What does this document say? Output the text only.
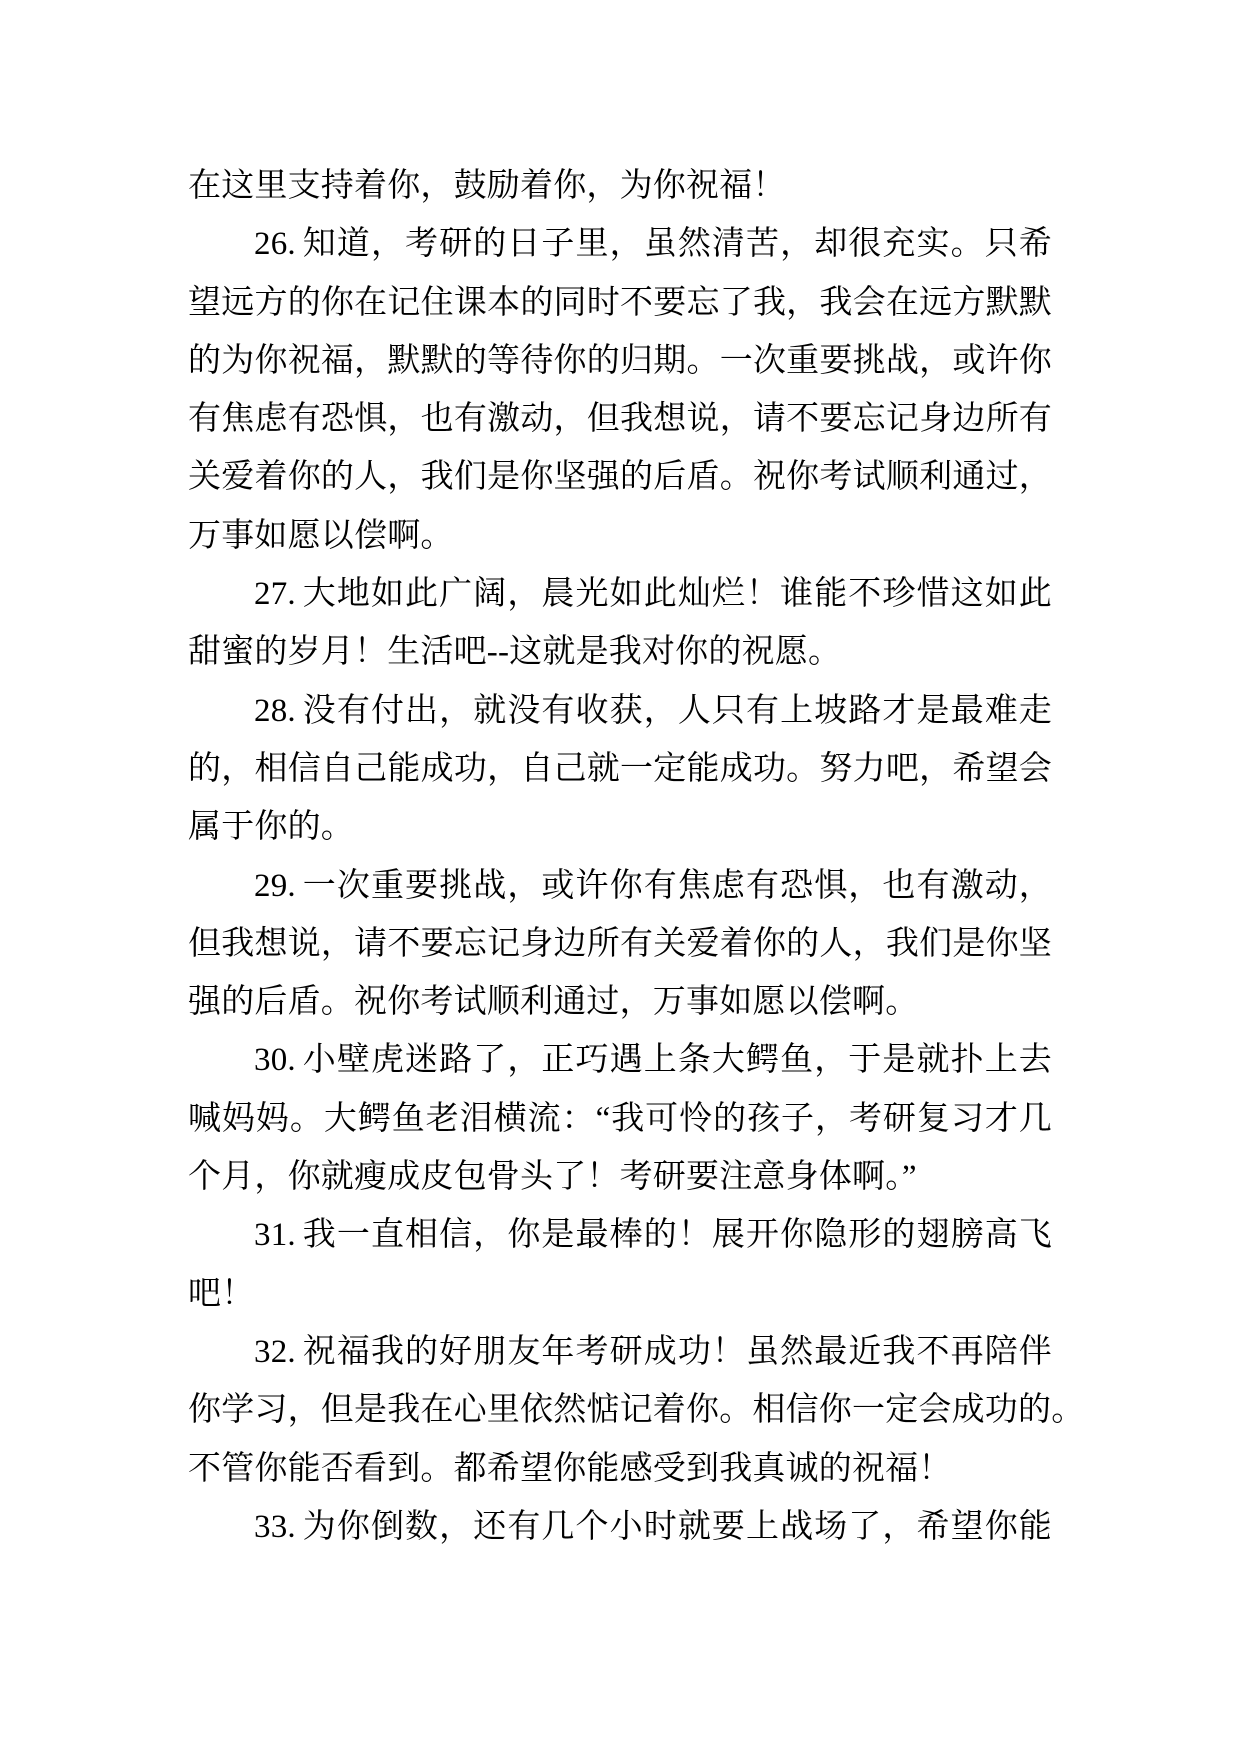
在这里支持着你，鼓励着你，为你祝福！
26. 知道，考研的日子里，虽然清苦，却很充实。只希
望远方的你在记住课本的同时不要忘了我，我会在远方默默
的为你祝福，默默的等待你的归期。一次重要挑战，或许你
有焦虑有恐惧，也有激动，但我想说，请不要忘记身边所有
关爱着你的人，我们是你坚强的后盾。祝你考试顺利通过，
万事如愿以偿啊。
27. 大地如此广阔，晨光如此灿烂！谁能不珍惜这如此
甜蜜的岁月！生活吧--这就是我对你的祝愿。
28. 没有付出，就没有收获，人只有上坡路才是最难走
的，相信自己能成功，自己就一定能成功。努力吧，希望会
属于你的。
29. 一次重要挑战，或许你有焦虑有恐惧，也有激动，
但我想说，请不要忘记身边所有关爱着你的人，我们是你坚
强的后盾。祝你考试顺利通过，万事如愿以偿啊。
30. 小壁虎迷路了，正巧遇上条大鳄鱼，于是就扑上去
喊妈妈。大鳄鱼老泪横流：“我可怜的孩子，考研复习才几
个月，你就瘦成皮包骨头了！考研要注意身体啊。”
31. 我一直相信，你是最棒的！展开你隐形的翅膀高飞
吧！
32. 祝福我的好朋友年考研成功！虽然最近我不再陪伴
你学习，但是我在心里依然惦记着你。相信你一定会成功的。
不管你能否看到。都希望你能感受到我真诚的祝福！
33. 为你倒数，还有几个小时就要上战场了，希望你能
